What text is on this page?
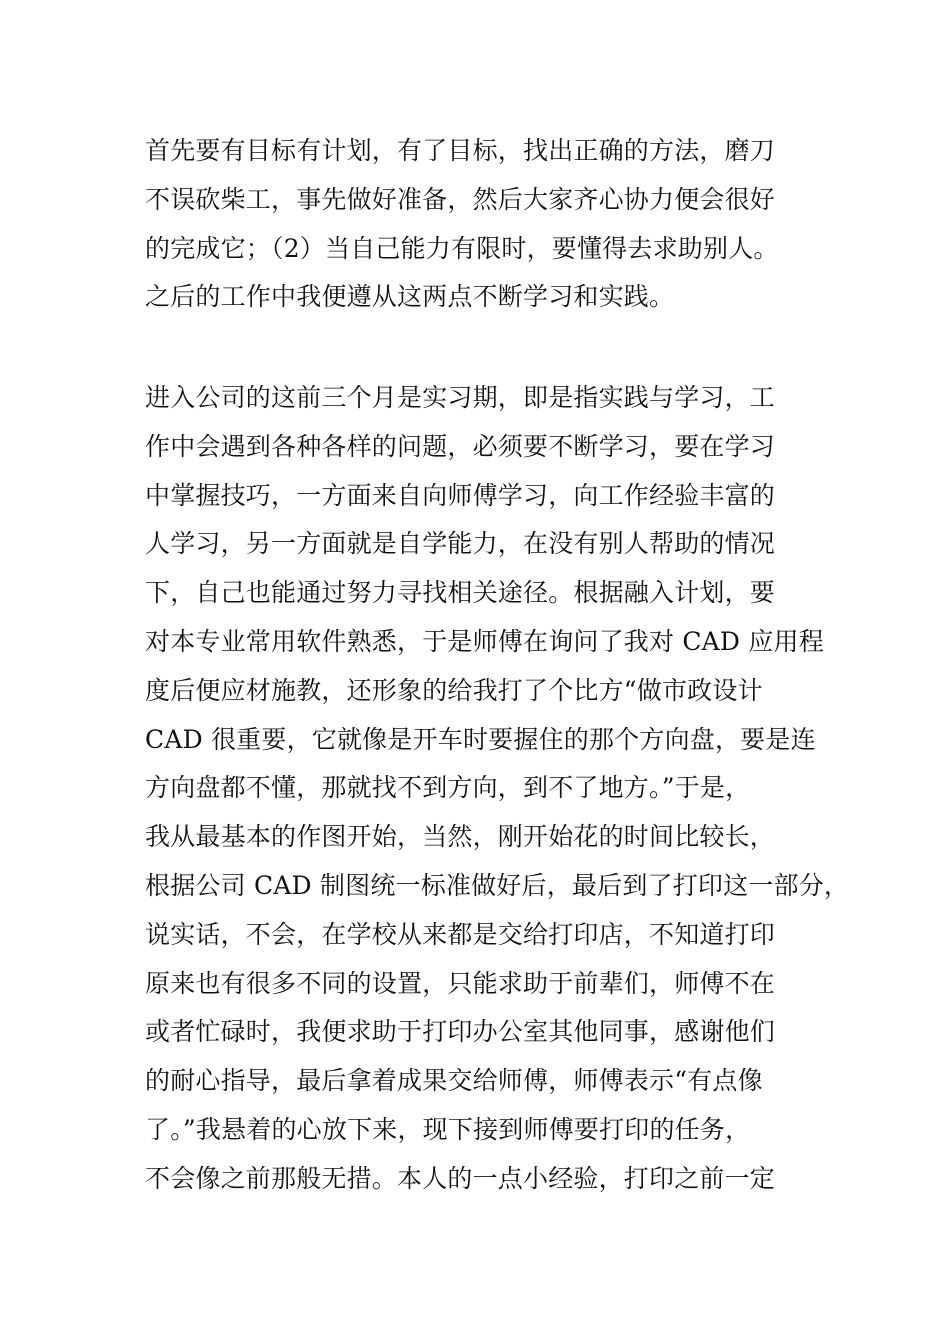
首先要有目标有计划，有了目标，找出正确的方法，磨刀
不误砍柴工，事先做好准备，然后大家齐心协力便会很好
的完成它；（2）当自己能力有限时，要懂得去求助别人。
之后的工作中我便遵从这两点不断学习和实践。
进入公司的这前三个月是实习期，即是指实践与学习，工
作中会遇到各种各样的问题，必须要不断学习，要在学习
中掌握技巧，一方面来自向师傅学习，向工作经验丰富的
人学习，另一方面就是自学能力，在没有别人帮助的情况
下，自己也能通过努力寻找相关途径。根据融入计划，要
对本专业常用软件熟悉，于是师傅在询问了我对 CAD 应用程
度后便应材施教，还形象的给我打了个比方“做市政设计
CAD 很重要，它就像是开车时要握住的那个方向盘，要是连
方向盘都不懂，那就找不到方向，到不了地方。”于是，
我从最基本的作图开始，当然，刚开始花的时间比较长，
根据公司 CAD 制图统一标准做好后，最后到了打印这一部分，
说实话，不会，在学校从来都是交给打印店，不知道打印
原来也有很多不同的设置，只能求助于前辈们，师傅不在
或者忙碌时，我便求助于打印办公室其他同事，感谢他们
的耐心指导，最后拿着成果交给师傅，师傅表示“有点像
了。”我悬着的心放下来，现下接到师傅要打印的任务，
不会像之前那般无措。本人的一点小经验，打印之前一定
